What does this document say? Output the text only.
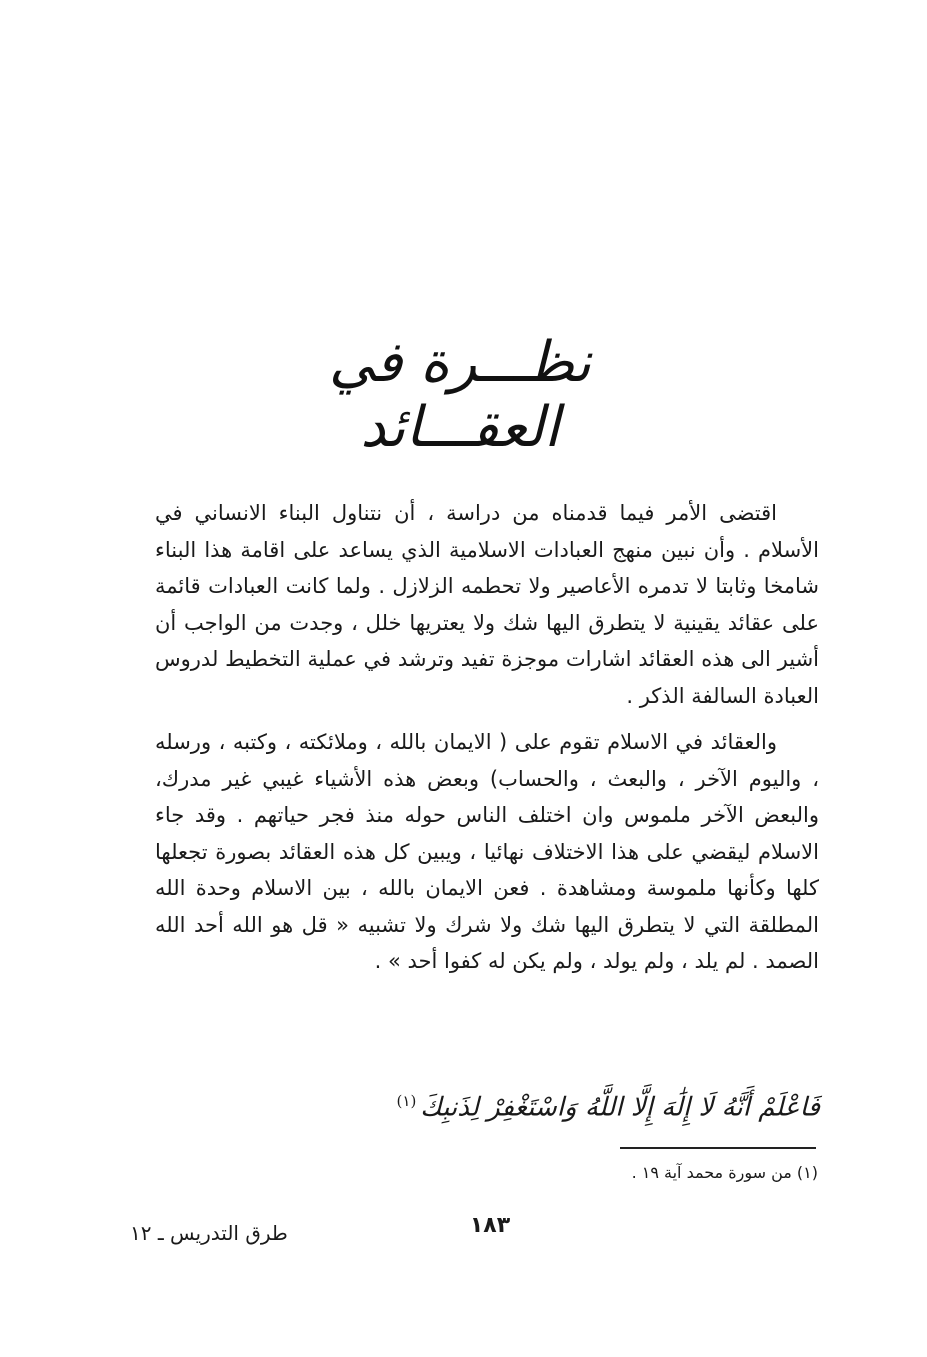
نظـــرة في العقـــائد

اقتضى الأمر فيما قدمناه من دراسة ، أن نتناول البناء الانساني في الأسلام . وأن نبين منهج العبادات الاسلامية الذي يساعد على اقامة هذا البناء شامخا وثابتا لا تدمره الأعاصير ولا تحطمه الزلازل . ولما كانت العبادات قائمة على عقائد يقينية لا يتطرق اليها شك ولا يعتريها خلل ، وجدت من الواجب أن أشير الى هذه العقائد اشارات موجزة تفيد وترشد في عملية التخطيط لدروس العبادة السالفة الذكر .

والعقائد في الاسلام تقوم على ( الايمان بالله ، وملائكته ، وكتبه ، ورسله ، واليوم الآخر ، والبعث ، والحساب) وبعض هذه الأشياء غيبي غير مدرك، والبعض الآخر ملموس وان اختلف الناس حوله منذ فجر حياتهم . وقد جاء الاسلام ليقضي على هذا الاختلاف نهائيا ، ويبين كل هذه العقائد بصورة تجعلها كلها وكأنها ملموسة ومشاهدة . فعن الايمان بالله ، بين الاسلام وحدة الله المطلقة التي لا يتطرق اليها شك ولا شرك ولا تشبيه « قل هو الله أحد الله الصمد . لم يلد ، ولم يولد ، ولم يكن له كفوا أحد » .

فَاعْلَمْ أَنَّهُ لَا إِلَٰهَ إِلَّا اللَّهُ وَاسْتَغْفِرْ لِذَنبِكَ$^{(١)}$
(١) من سورة محمد آية ١٩ .
١٨٣
طرق التدريس ـ ١٢
